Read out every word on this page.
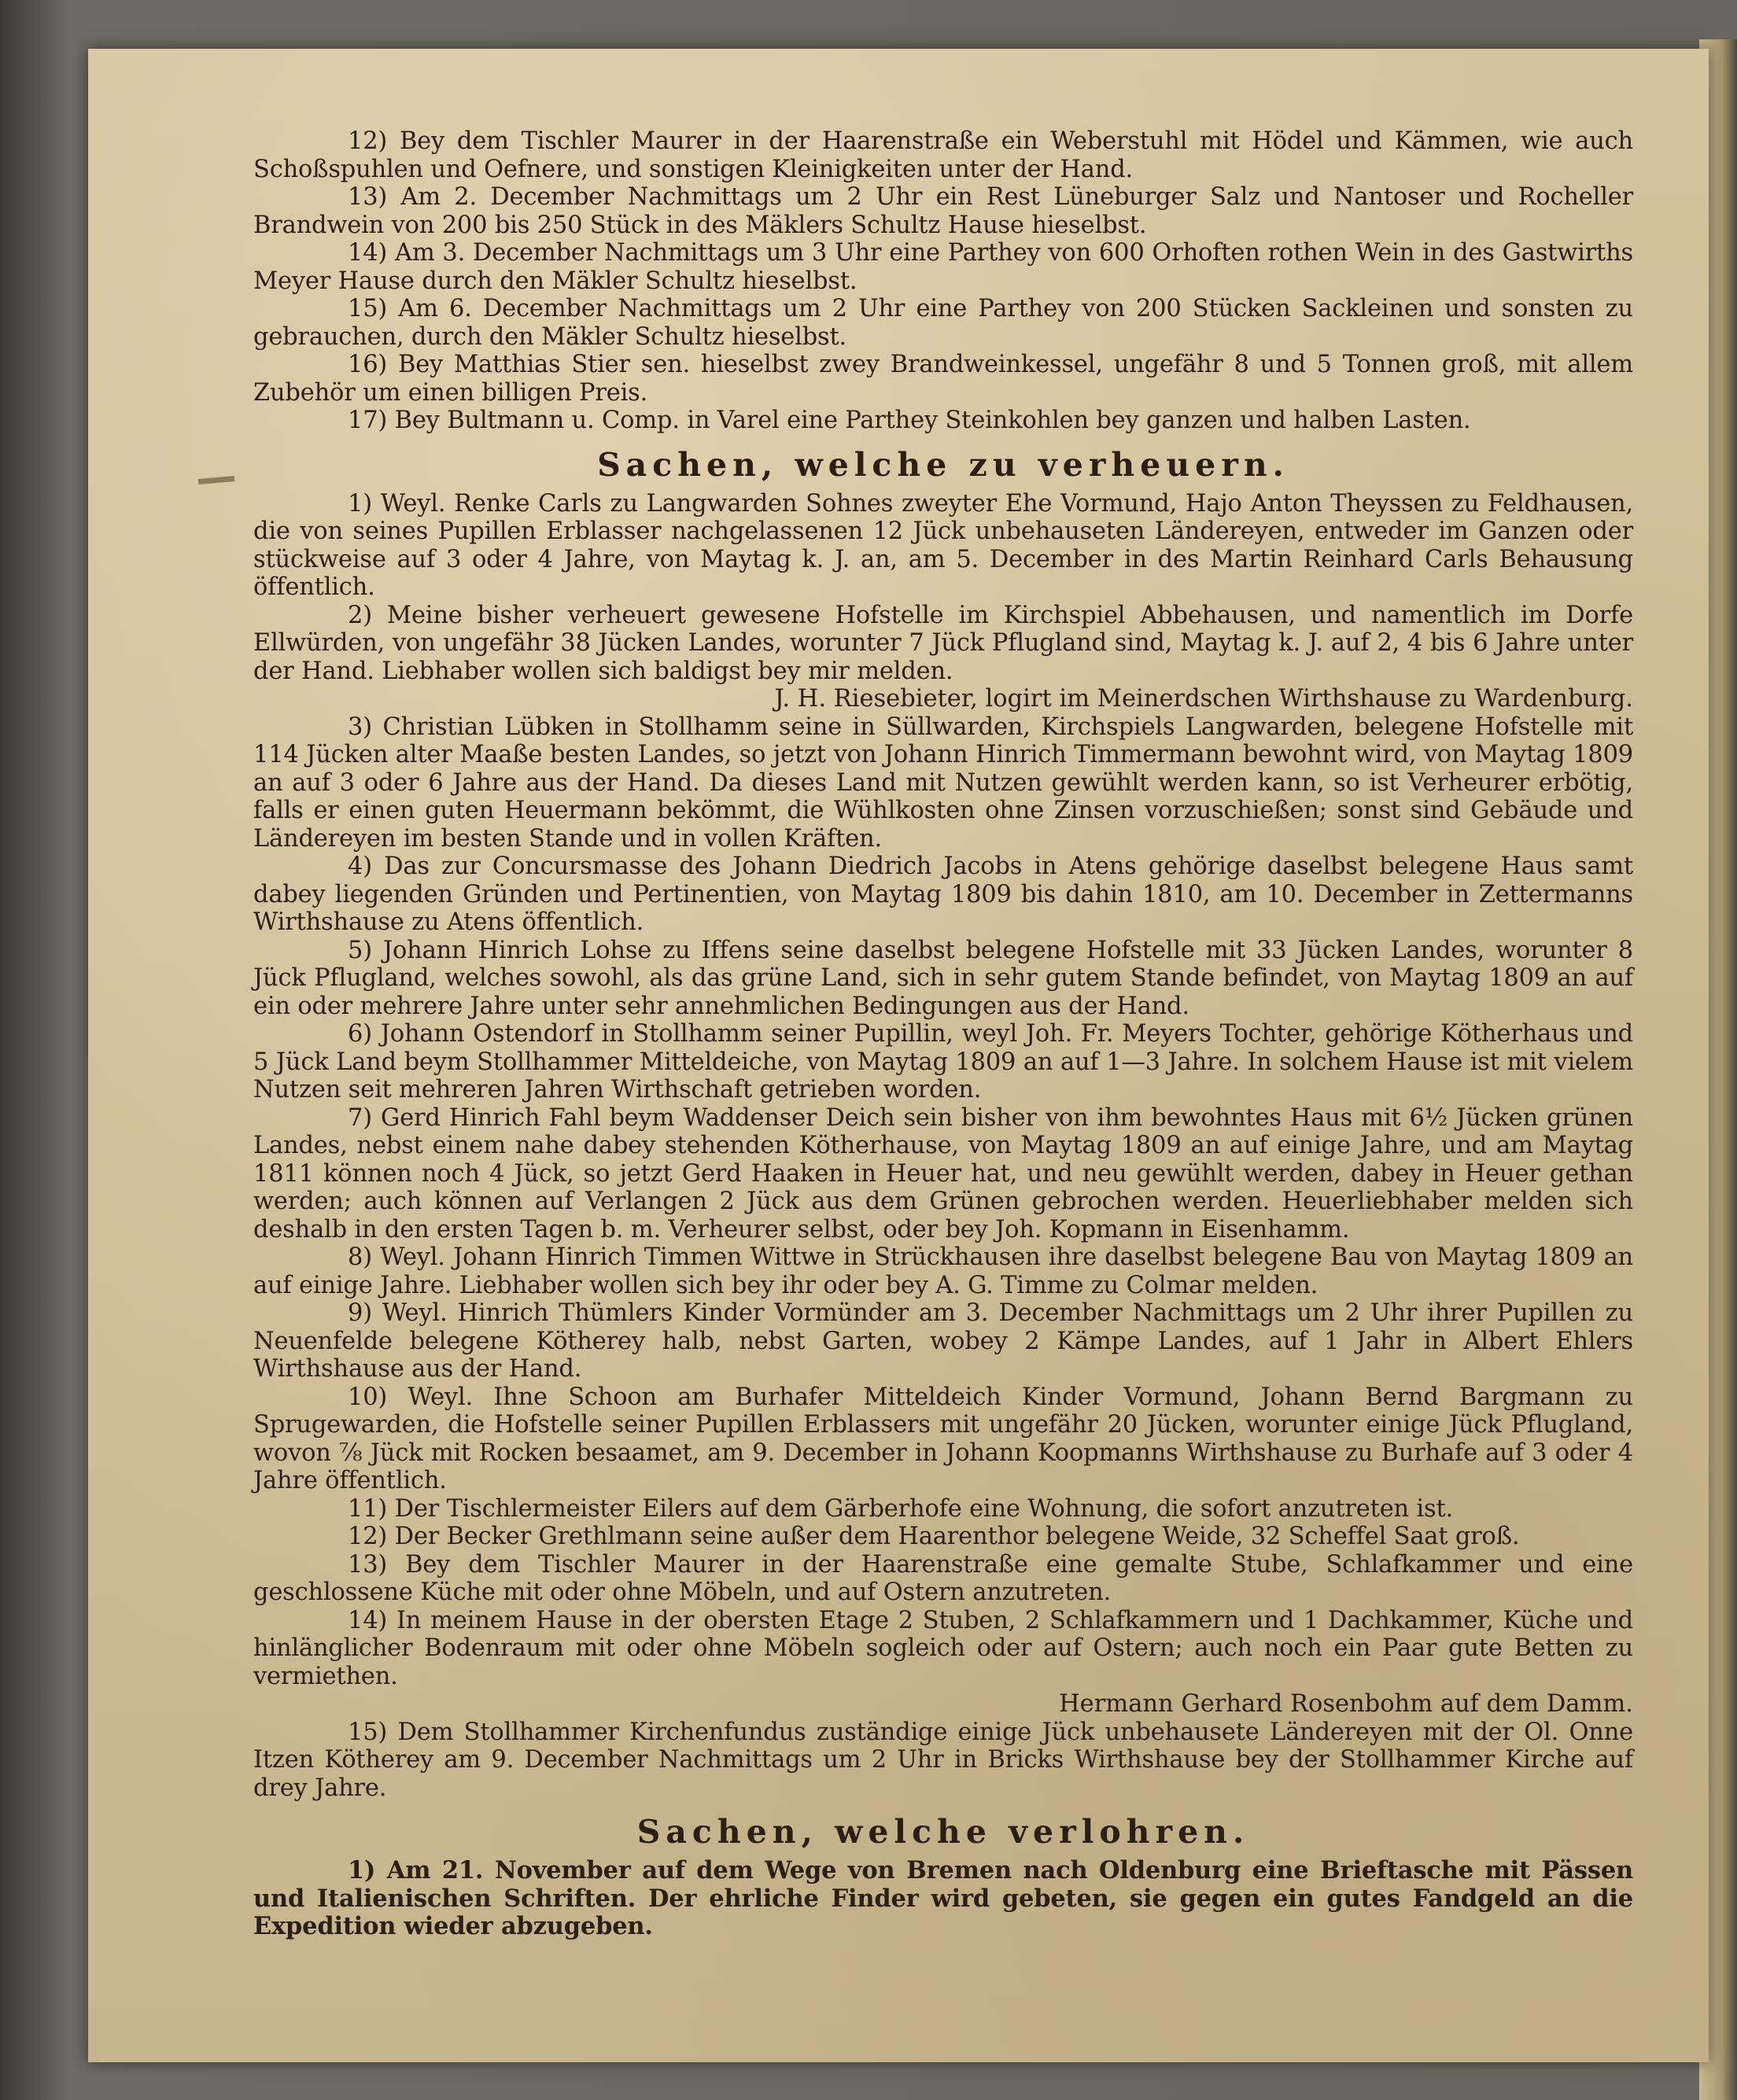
12) Bey dem Tischler Maurer in der Haarenstraße ein Weberstuhl mit Hödel und Kämmen, wie auch Schoßspuhlen und Oefnere, und sonstigen Kleinigkeiten unter der Hand.

13) Am 2. December Nachmittags um 2 Uhr ein Rest Lüneburger Salz und Nantoser und Rocheller Brandwein von 200 bis 250 Stück in des Mäklers Schultz Hause hieselbst.

14) Am 3. December Nachmittags um 3 Uhr eine Parthey von 600 Orhoften rothen Wein in des Gastwirths Meyer Hause durch den Mäkler Schultz hieselbst.

15) Am 6. December Nachmittags um 2 Uhr eine Parthey von 200 Stücken Sackleinen und sonsten zu gebrauchen, durch den Mäkler Schultz hieselbst.

16) Bey Matthias Stier sen. hieselbst zwey Brandweinkessel, ungefähr 8 und 5 Tonnen groß, mit allem Zubehör um einen billigen Preis.

17) Bey Bultmann u. Comp. in Varel eine Parthey Steinkohlen bey ganzen und halben Lasten.

Sachen, welche zu verheuern.

1) Weyl. Renke Carls zu Langwarden Sohnes zweyter Ehe Vormund, Hajo Anton Theyssen zu Feldhausen, die von seines Pupillen Erblasser nachgelassenen 12 Jück unbehauseten Ländereyen, entweder im Ganzen oder stückweise auf 3 oder 4 Jahre, von Maytag k. J. an, am 5. December in des Martin Reinhard Carls Behausung öffentlich.

2) Meine bisher verheuert gewesene Hofstelle im Kirchspiel Abbehausen, und namentlich im Dorfe Ellwürden, von ungefähr 38 Jücken Landes, worunter 7 Jück Pflugland sind, Maytag k. J. auf 2, 4 bis 6 Jahre unter der Hand. Liebhaber wollen sich baldigst bey mir melden.

J. H. Riesebieter, logirt im Meinerdschen Wirthshause zu Wardenburg.

3) Christian Lübken in Stollhamm seine in Süllwarden, Kirchspiels Langwarden, belegene Hofstelle mit 114 Jücken alter Maaße besten Landes, so jetzt von Johann Hinrich Timmermann bewohnt wird, von Maytag 1809 an auf 3 oder 6 Jahre aus der Hand. Da dieses Land mit Nutzen gewühlt werden kann, so ist Verheurer erbötig, falls er einen guten Heuermann bekömmt, die Wühlkosten ohne Zinsen vorzuschießen; sonst sind Gebäude und Ländereyen im besten Stande und in vollen Kräften.

4) Das zur Concursmasse des Johann Diedrich Jacobs in Atens gehörige daselbst belegene Haus samt dabey liegenden Gründen und Pertinentien, von Maytag 1809 bis dahin 1810, am 10. December in Zettermanns Wirthshause zu Atens öffentlich.

5) Johann Hinrich Lohse zu Iffens seine daselbst belegene Hofstelle mit 33 Jücken Landes, worunter 8 Jück Pflugland, welches sowohl, als das grüne Land, sich in sehr gutem Stande befindet, von Maytag 1809 an auf ein oder mehrere Jahre unter sehr annehmlichen Bedingungen aus der Hand.

6) Johann Ostendorf in Stollhamm seiner Pupillin, weyl Joh. Fr. Meyers Tochter, gehörige Kötherhaus und 5 Jück Land beym Stollhammer Mitteldeiche, von Maytag 1809 an auf 1—3 Jahre. In solchem Hause ist mit vielem Nutzen seit mehreren Jahren Wirthschaft getrieben worden.

7) Gerd Hinrich Fahl beym Waddenser Deich sein bisher von ihm bewohntes Haus mit 6½ Jücken grünen Landes, nebst einem nahe dabey stehenden Kötherhause, von Maytag 1809 an auf einige Jahre, und am Maytag 1811 können noch 4 Jück, so jetzt Gerd Haaken in Heuer hat, und neu gewühlt werden, dabey in Heuer gethan werden; auch können auf Verlangen 2 Jück aus dem Grünen gebrochen werden. Heuerliebhaber melden sich deshalb in den ersten Tagen b. m. Verheurer selbst, oder bey Joh. Kopmann in Eisenhamm.

8) Weyl. Johann Hinrich Timmen Wittwe in Strückhausen ihre daselbst belegene Bau von Maytag 1809 an auf einige Jahre. Liebhaber wollen sich bey ihr oder bey A. G. Timme zu Colmar melden.

9) Weyl. Hinrich Thümlers Kinder Vormünder am 3. December Nachmittags um 2 Uhr ihrer Pupillen zu Neuenfelde belegene Kötherey halb, nebst Garten, wobey 2 Kämpe Landes, auf 1 Jahr in Albert Ehlers Wirthshause aus der Hand.

10) Weyl. Ihne Schoon am Burhafer Mitteldeich Kinder Vormund, Johann Bernd Bargmann zu Sprugewarden, die Hofstelle seiner Pupillen Erblassers mit ungefähr 20 Jücken, worunter einige Jück Pflugland, wovon ⅞ Jück mit Rocken besaamet, am 9. December in Johann Koopmanns Wirthshause zu Burhafe auf 3 oder 4 Jahre öffentlich.

11) Der Tischlermeister Eilers auf dem Gärberhofe eine Wohnung, die sofort anzutreten ist.

12) Der Becker Grethlmann seine außer dem Haarenthor belegene Weide, 32 Scheffel Saat groß.

13) Bey dem Tischler Maurer in der Haarenstraße eine gemalte Stube, Schlafkammer und eine geschlossene Küche mit oder ohne Möbeln, und auf Ostern anzutreten.

14) In meinem Hause in der obersten Etage 2 Stuben, 2 Schlafkammern und 1 Dachkammer, Küche und hinlänglicher Bodenraum mit oder ohne Möbeln sogleich oder auf Ostern; auch noch ein Paar gute Betten zu vermiethen.

Hermann Gerhard Rosenbohm auf dem Damm.

15) Dem Stollhammer Kirchenfundus zuständige einige Jück unbehausete Ländereyen mit der Ol. Onne Itzen Kötherey am 9. December Nachmittags um 2 Uhr in Bricks Wirthshause bey der Stollhammer Kirche auf drey Jahre.

Sachen, welche verlohren.

1) Am 21. November auf dem Wege von Bremen nach Oldenburg eine Brieftasche mit Pässen und Italienischen Schriften. Der ehrliche Finder wird gebeten, sie gegen ein gutes Fandgeld an die Expedition wieder abzugeben.
